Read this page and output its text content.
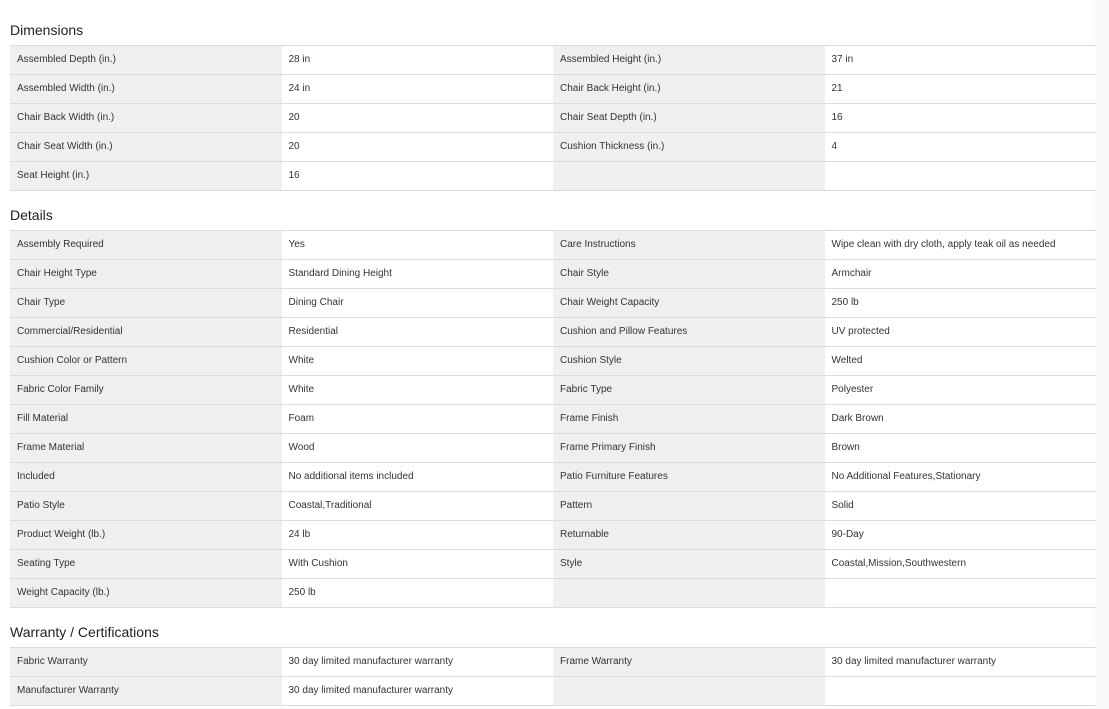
Dimensions
Assembled Depth (in.)	28 in	Assembled Height (in.)	37 in
Assembled Width (in.)	24 in	Chair Back Height (in.)	21
Chair Back Width (in.)	20	Chair Seat Depth (in.)	16
Chair Seat Width (in.)	20	Cushion Thickness (in.)	4
Seat Height (in.)	16
Details
Assembly Required	Yes	Care Instructions	Wipe clean with dry cloth, apply teak oil as needed
Chair Height Type	Standard Dining Height	Chair Style	Armchair
Chair Type	Dining Chair	Chair Weight Capacity	250 lb
Commercial/Residential	Residential	Cushion and Pillow Features	UV protected
Cushion Color or Pattern	White	Cushion Style	Welted
Fabric Color Family	White	Fabric Type	Polyester
Fill Material	Foam	Frame Finish	Dark Brown
Frame Material	Wood	Frame Primary Finish	Brown
Included	No additional items included	Patio Furniture Features	No Additional Features,Stationary
Patio Style	Coastal,Traditional	Pattern	Solid
Product Weight (lb.)	24 lb	Returnable	90-Day
Seating Type	With Cushion	Style	Coastal,Mission,Southwestern
Weight Capacity (lb.)	250 lb
Warranty / Certifications
Fabric Warranty	30 day limited manufacturer warranty	Frame Warranty	30 day limited manufacturer warranty
Manufacturer Warranty	30 day limited manufacturer warranty
